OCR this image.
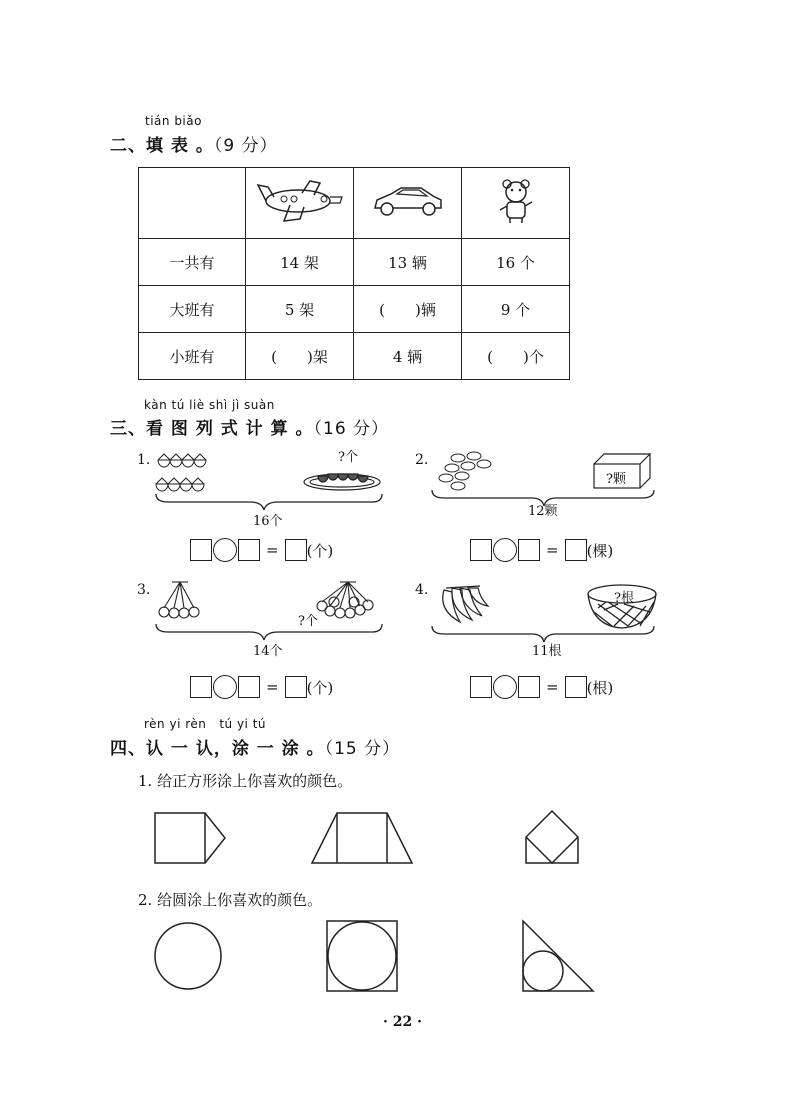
tián biǎo
二、填 表 。（9 分）

一共有	14 架	13 辆	16 个
大班有	5 架	(　　)辆	9 个
小班有	(　　)架	4 辆	(　　)个
kàn tú liè shì jì suàn
三、看 图 列 式 计 算 。（16 分）
1.	?个
16个
= (个)
2.
?颗
12颗
= (棵)
3.
?个
14个
= (个)
4.
?根
11根
= (根)
rèn yi rèn   tú yi tú
四、认 一 认，涂 一 涂 。（15 分）
1. 给正方形涂上你喜欢的颜色。
2. 给圆涂上你喜欢的颜色。
· 22 ·
